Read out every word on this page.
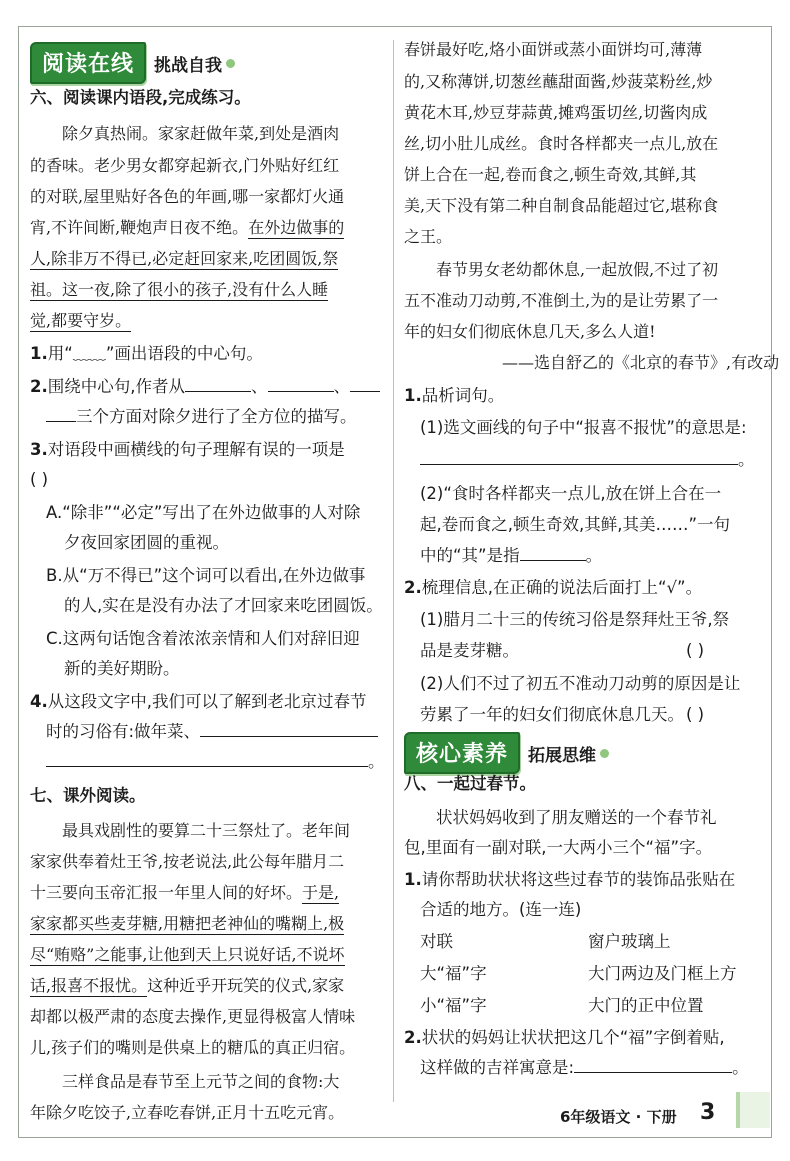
阅读在线	挑战自我
六、阅读课内语段,完成练习。
除夕真热闹。家家赶做年菜,到处是酒肉
的香味。老少男女都穿起新衣,门外贴好红红
的对联,屋里贴好各色的年画,哪一家都灯火通
宵,不许间断,鞭炮声日夜不绝。在外边做事的
人,除非万不得已,必定赶回家来,吃团圆饭,祭
祖。这一夜,除了很小的孩子,没有什么人睡
觉,都要守岁。
1.用“﹏﹏”画出语段的中心句。
2.围绕中心句,作者从	、	、
三个方面对除夕进行了全方位的描写。
3.对语段中画横线的句子理解有误的一项是
( )
A.“除非”“必定”写出了在外边做事的人对除
夕夜回家团圆的重视。
B.从“万不得已”这个词可以看出,在外边做事
的人,实在是没有办法了才回家来吃团圆饭。
C.这两句话饱含着浓浓亲情和人们对辞旧迎
新的美好期盼。
4.从这段文字中,我们可以了解到老北京过春节
时的习俗有:做年菜、
。
七、课外阅读。
最具戏剧性的要算二十三祭灶了。老年间
家家供奉着灶王爷,按老说法,此公每年腊月二
十三要向玉帝汇报一年里人间的好坏。于是,
家家都买些麦芽糖,用糖把老神仙的嘴糊上,极
尽“贿赂”之能事,让他到天上只说好话,不说坏
话,报喜不报忧。这种近乎开玩笑的仪式,家家
却都以极严肃的态度去操作,更显得极富人情味
儿,孩子们的嘴则是供桌上的糖瓜的真正归宿。
三样食品是春节至上元节之间的食物:大
年除夕吃饺子,立春吃春饼,正月十五吃元宵。
春饼最好吃,烙小面饼或蒸小面饼均可,薄薄
的,又称薄饼,切葱丝蘸甜面酱,炒菠菜粉丝,炒
黄花木耳,炒豆芽蒜黄,摊鸡蛋切丝,切酱肉成
丝,切小肚儿成丝。食时各样都夹一点儿,放在
饼上合在一起,卷而食之,顿生奇效,其鲜,其
美,天下没有第二种自制食品能超过它,堪称食
之王。
春节男女老幼都休息,一起放假,不过了初
五不准动刀动剪,不准倒土,为的是让劳累了一
年的妇女们彻底休息几天,多么人道!
——选自舒乙的《北京的春节》,有改动
1.品析词句。
(1)选文画线的句子中“报喜不报忧”的意思是:
。
(2)“食时各样都夹一点儿,放在饼上合在一
起,卷而食之,顿生奇效,其鲜,其美……”一句
中的“其”是指	。
2.梳理信息,在正确的说法后面打上“√”。
(1)腊月二十三的传统习俗是祭拜灶王爷,祭
品是麦芽糖。	( )
(2)人们不过了初五不准动刀动剪的原因是让
劳累了一年的妇女们彻底休息几天。 ( )
核心素养	拓展思维
八、一起过春节。
状状妈妈收到了朋友赠送的一个春节礼
包,里面有一副对联,一大两小三个“福”字。
1.请你帮助状状将这些过春节的装饰品张贴在
合适的地方。(连一连)
对联	窗户玻璃上
大“福”字	大门两边及门框上方
小“福”字	大门的正中位置
2.状状的妈妈让状状把这几个“福”字倒着贴,
这样做的吉祥寓意是:	。
6年级语文 · 下册 3
